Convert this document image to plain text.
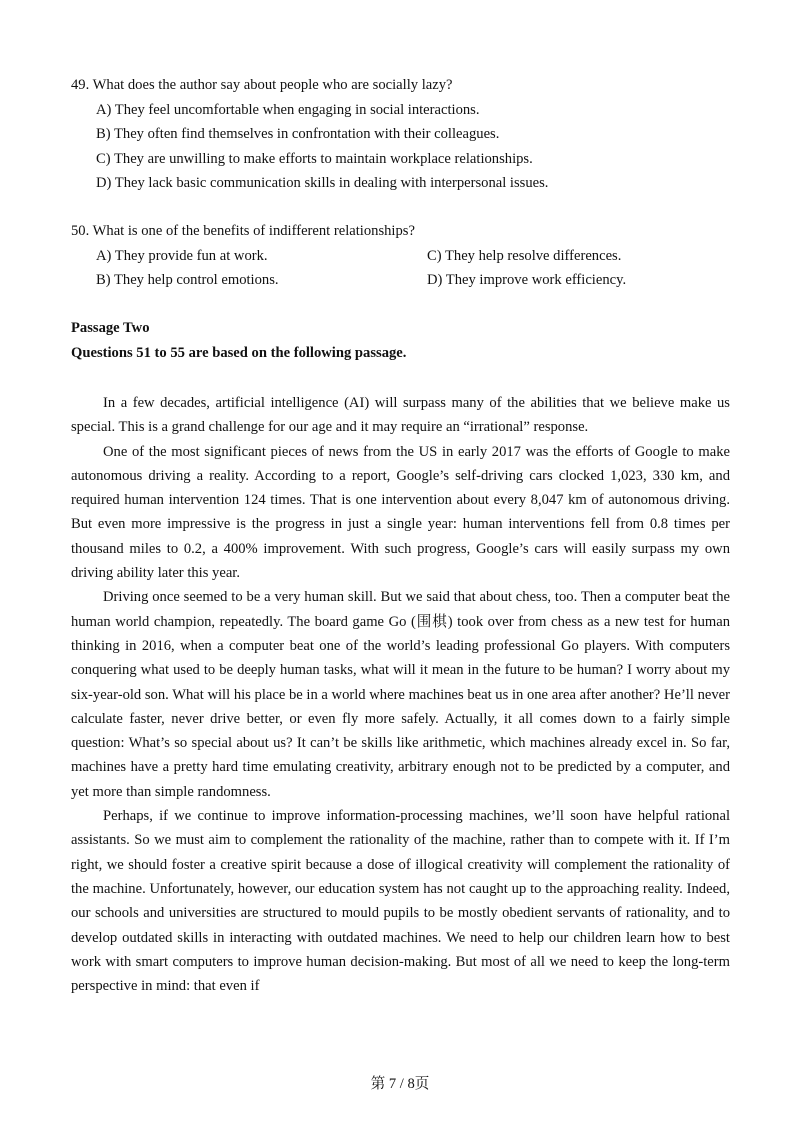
49. What does the author say about people who are socially lazy?

A) They feel uncomfortable when engaging in social interactions.

B) They often find themselves in confrontation with their colleagues.

C) They are unwilling to make efforts to maintain workplace relationships.

D) They lack basic communication skills in dealing with interpersonal issues.

50. What is one of the benefits of indifferent relationships?

A) They provide fun at work.	C) They help resolve differences.
B) They help control emotions.	D) They improve work efficiency.
Passage Two
Questions 51 to 55 are based on the following passage.

In a few decades, artificial intelligence (AI) will surpass many of the abilities that we believe make us special. This is a grand challenge for our age and it may require an “irrational” response.

One of the most significant pieces of news from the US in early 2017 was the efforts of Google to make autonomous driving a reality. According to a report, Google’s self-driving cars clocked 1,023, 330 km, and required human intervention 124 times. That is one intervention about every 8,047 km of autonomous driving. But even more impressive is the progress in just a single year: human interventions fell from 0.8 times per thousand miles to 0.2, a 400% improvement. With such progress, Google’s cars will easily surpass my own driving ability later this year.

Driving once seemed to be a very human skill. But we said that about chess, too. Then a computer beat the human world champion, repeatedly. The board game Go (围棋) took over from chess as a new test for human thinking in 2016, when a computer beat one of the world’s leading professional Go players. With computers conquering what used to be deeply human tasks, what will it mean in the future to be human? I worry about my six-year-old son. What will his place be in a world where machines beat us in one area after another? He’ll never calculate faster, never drive better, or even fly more safely. Actually, it all comes down to a fairly simple question: What’s so special about us? It can’t be skills like arithmetic, which machines already excel in. So far, machines have a pretty hard time emulating creativity, arbitrary enough not to be predicted by a computer, and yet more than simple randomness.

Perhaps, if we continue to improve information-processing machines, we’ll soon have helpful rational assistants. So we must aim to complement the rationality of the machine, rather than to compete with it. If I’m right, we should foster a creative spirit because a dose of illogical creativity will complement the rationality of the machine. Unfortunately, however, our education system has not caught up to the approaching reality. Indeed, our schools and universities are structured to mould pupils to be mostly obedient servants of rationality, and to develop outdated skills in interacting with outdated machines. We need to help our children learn how to best work with smart computers to improve human decision-making. But most of all we need to keep the long-term perspective in mind: that even if

第 7 / 8页
